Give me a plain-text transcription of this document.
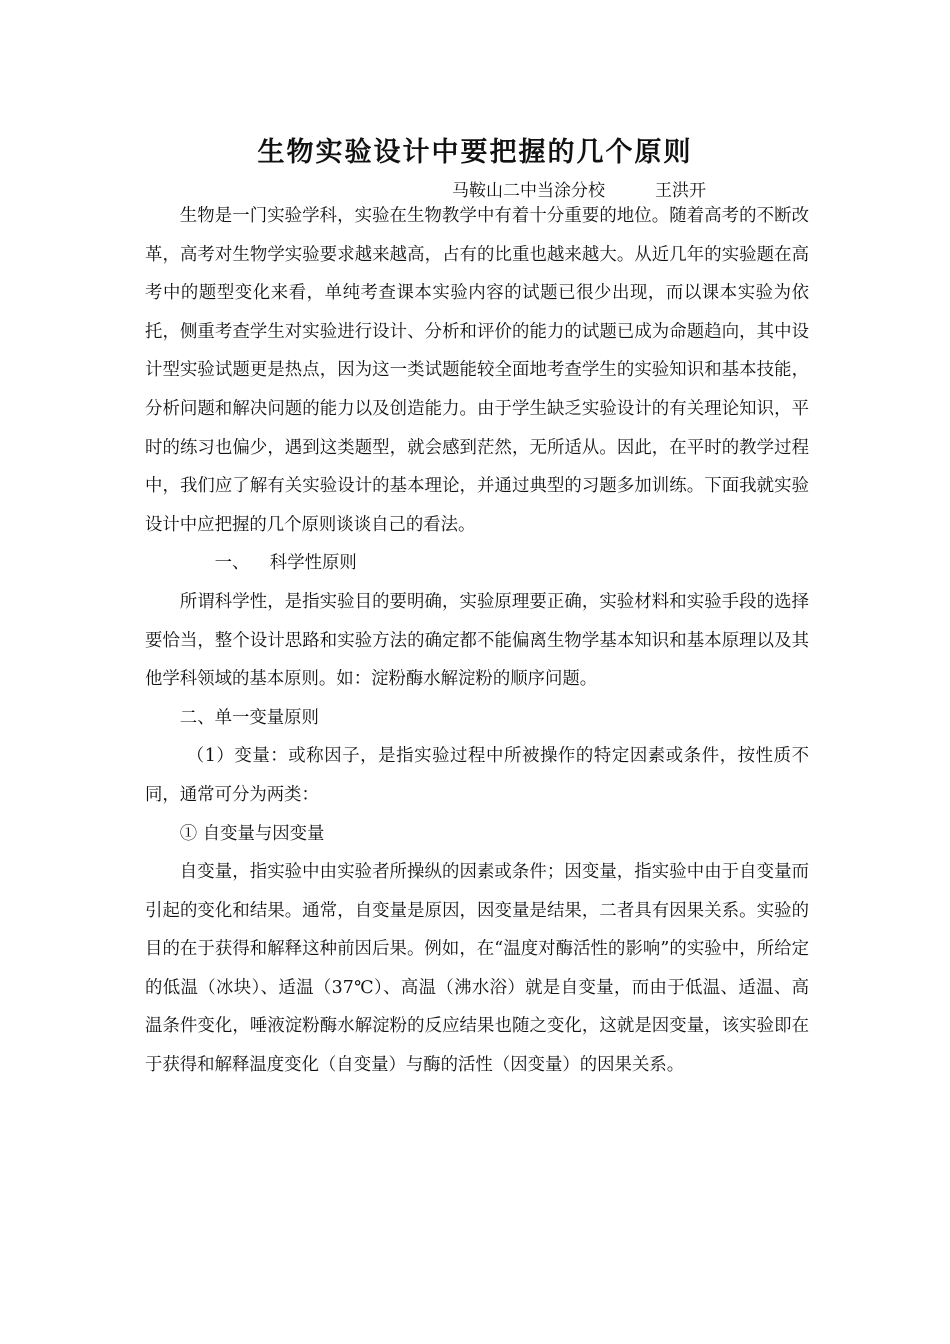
生物实验设计中要把握的几个原则
马鞍山二中当涂分校	王洪开

生物是一门实验学科，实验在生物教学中有着十分重要的地位。随着高考的不断改革，高考对生物学实验要求越来越高，占有的比重也越来越大。从近几年的实验题在高考中的题型变化来看，单纯考查课本实验内容的试题已很少出现，而以课本实验为依托，侧重考查学生对实验进行设计、分析和评价的能力的试题已成为命题趋向，其中设计型实验试题更是热点，因为这一类试题能较全面地考查学生的实验知识和基本技能，分析问题和解决问题的能力以及创造能力。由于学生缺乏实验设计的有关理论知识，平时的练习也偏少，遇到这类题型，就会感到茫然，无所适从。因此，在平时的教学过程中，我们应了解有关实验设计的基本理论，并通过典型的习题多加训练。下面我就实验设计中应把握的几个原则谈谈自己的看法。

一、 科学性原则

所谓科学性，是指实验目的要明确，实验原理要正确，实验材料和实验手段的选择要恰当，整个设计思路和实验方法的确定都不能偏离生物学基本知识和基本原理以及其他学科领域的基本原则。如：淀粉酶水解淀粉的顺序问题。

二、单一变量原则

（1）变量：或称因子，是指实验过程中所被操作的特定因素或条件，按性质不同，通常可分为两类：

① 自变量与因变量

自变量，指实验中由实验者所操纵的因素或条件；因变量，指实验中由于自变量而引起的变化和结果。通常，自变量是原因，因变量是结果，二者具有因果关系。实验的目的在于获得和解释这种前因后果。例如，在“温度对酶活性的影响”的实验中，所给定的低温（冰块）、适温（37℃）、高温（沸水浴）就是自变量，而由于低温、适温、高温条件变化，唾液淀粉酶水解淀粉的反应结果也随之变化，这就是因变量，该实验即在于获得和解释温度变化（自变量）与酶的活性（因变量）的因果关系。
